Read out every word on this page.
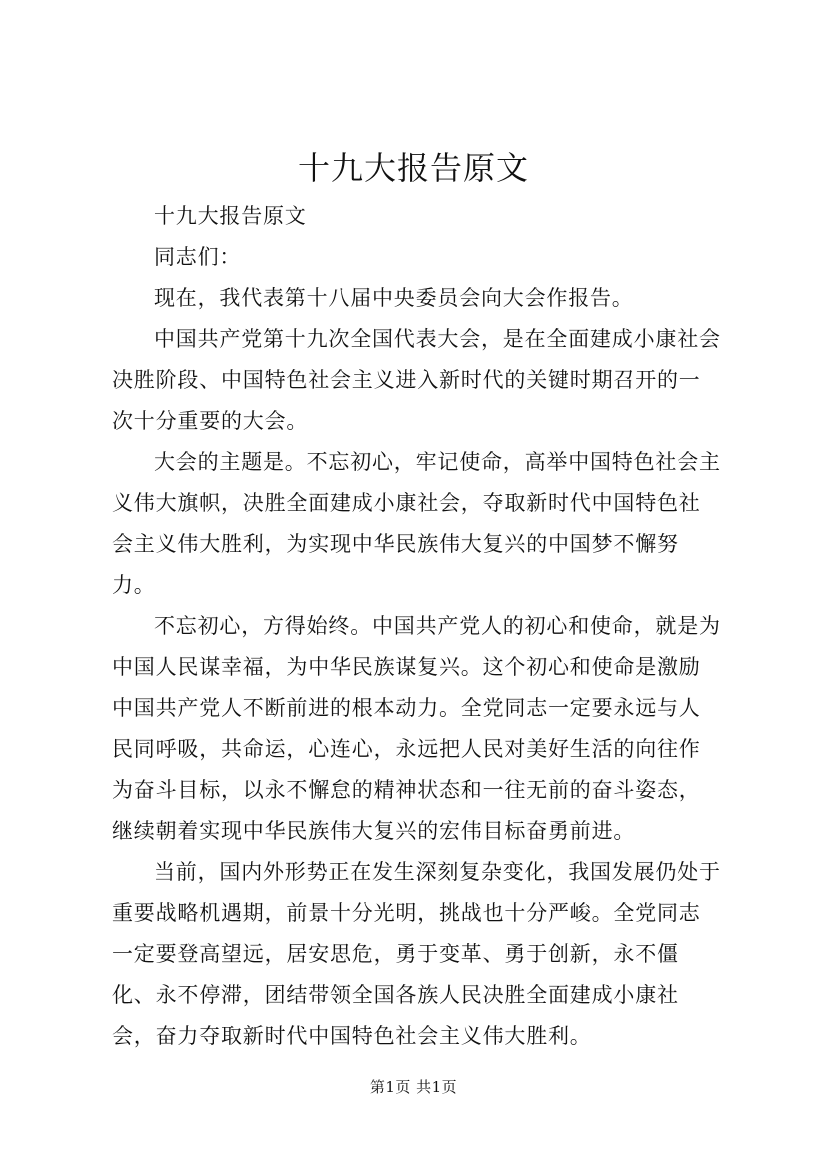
十九大报告原文

十九大报告原文

同志们：

现在，我代表第十八届中央委员会向大会作报告。

中国共产党第十九次全国代表大会，是在全面建成小康社会决胜阶段、中国特色社会主义进入新时代的关键时期召开的一次十分重要的大会。

大会的主题是。不忘初心，牢记使命，高举中国特色社会主义伟大旗帜，决胜全面建成小康社会，夺取新时代中国特色社会主义伟大胜利，为实现中华民族伟大复兴的中国梦不懈努力。

不忘初心，方得始终。中国共产党人的初心和使命，就是为中国人民谋幸福，为中华民族谋复兴。这个初心和使命是激励中国共产党人不断前进的根本动力。全党同志一定要永远与人民同呼吸，共命运，心连心，永远把人民对美好生活的向往作为奋斗目标，以永不懈怠的精神状态和一往无前的奋斗姿态，继续朝着实现中华民族伟大复兴的宏伟目标奋勇前进。

当前，国内外形势正在发生深刻复杂变化，我国发展仍处于重要战略机遇期，前景十分光明，挑战也十分严峻。全党同志一定要登高望远，居安思危，勇于变革、勇于创新，永不僵化、永不停滞，团结带领全国各族人民决胜全面建成小康社会，奋力夺取新时代中国特色社会主义伟大胜利。

第1页 共1页
